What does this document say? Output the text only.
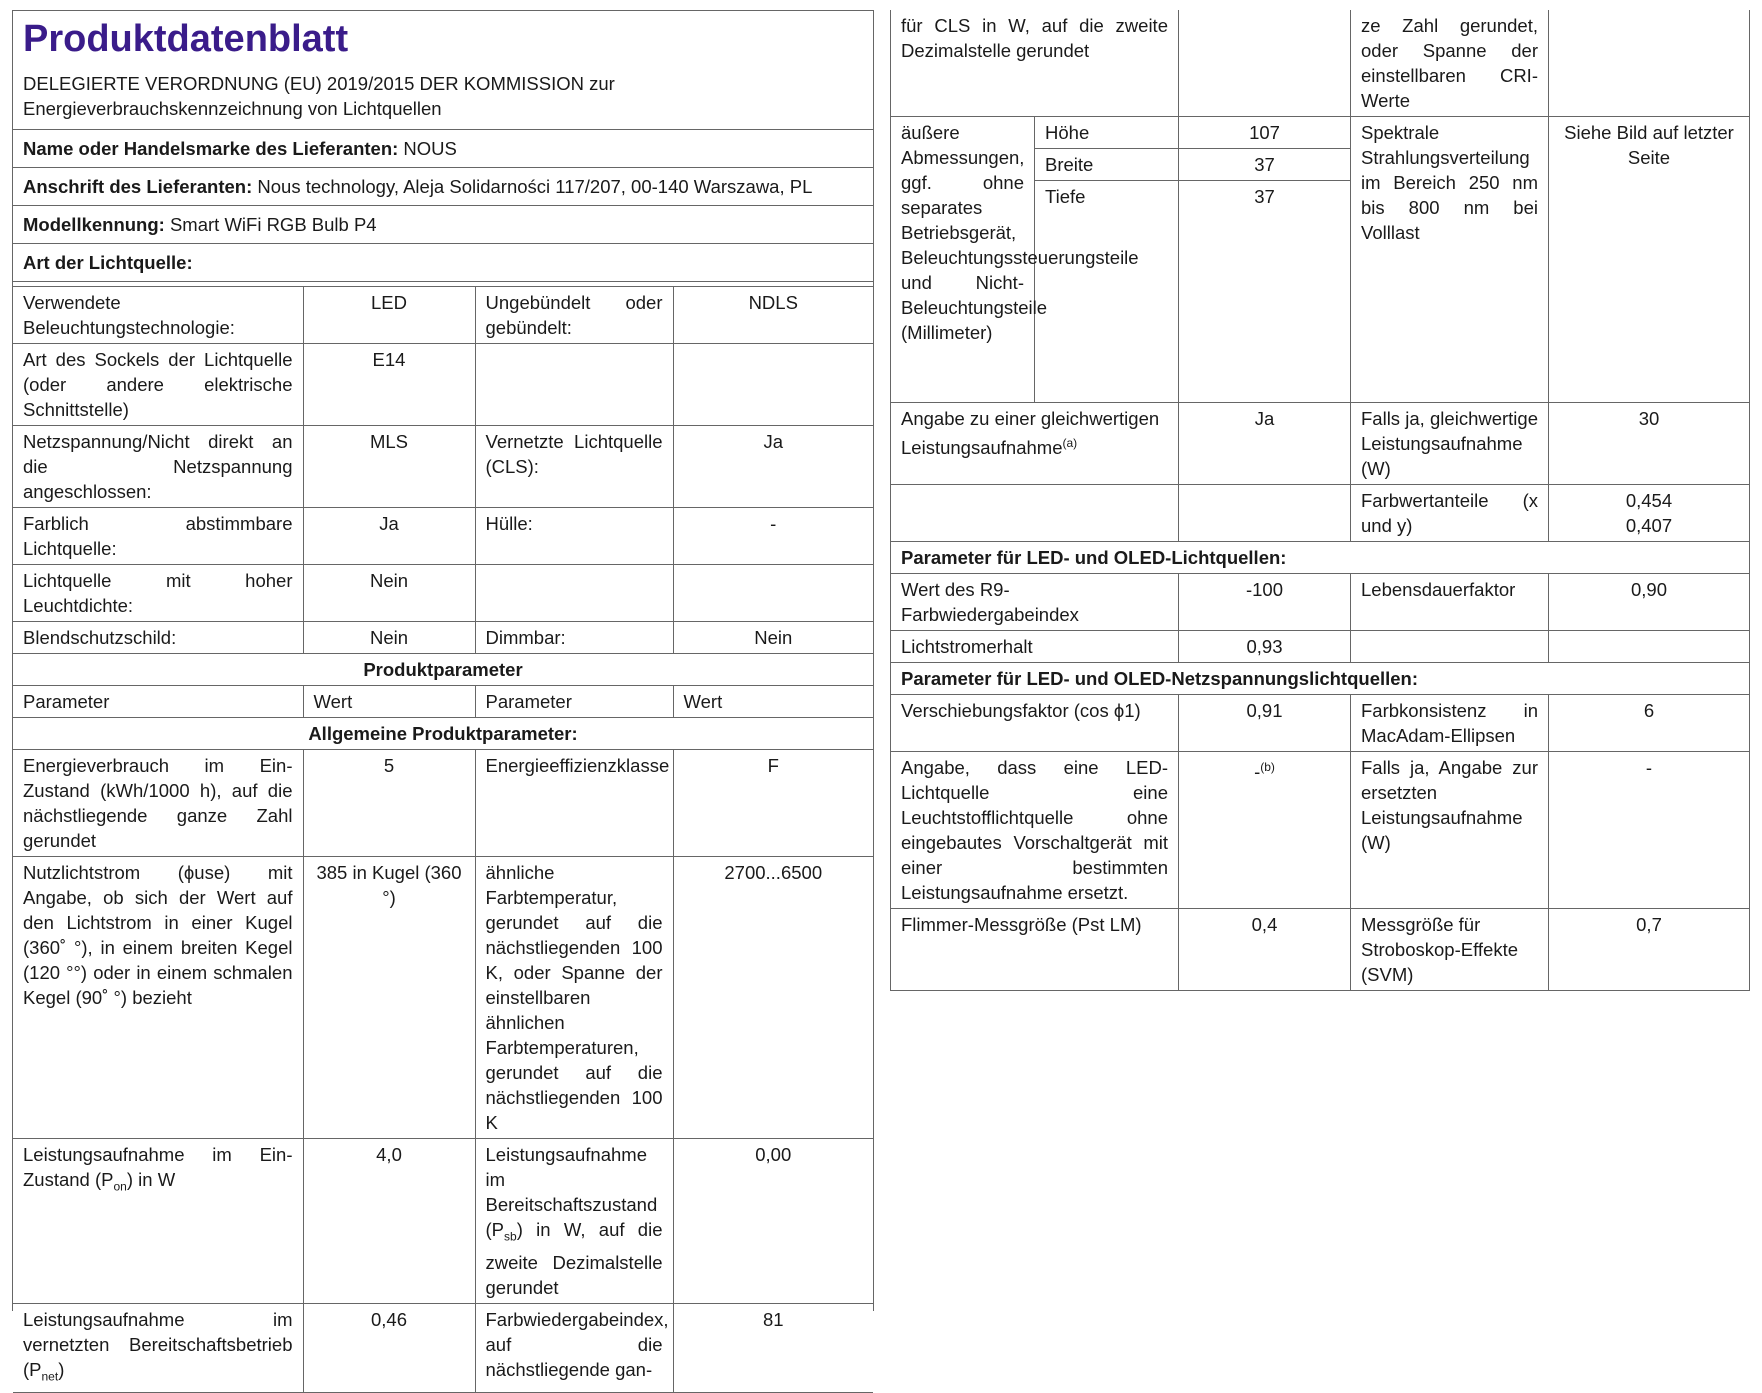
Produktdatenblatt
DELEGIERTE VERORDNUNG (EU) 2019/2015 DER KOMMISSION zur Energieverbrauchskennzeichnung von Lichtquellen
Name oder Handelsmarke des Lieferanten: NOUS
Anschrift des Lieferanten: Nous technology, Aleja Solidarności 117/207, 00-140 Warszawa, PL
Modellkennung: Smart WiFi RGB Bulb P4
Art der Lichtquelle:
Verwendete Beleuchtungstechnologie:	LED	Ungebündelt oder gebündelt:	NDLS
Art des Sockels der Lichtquelle (oder andere elektrische Schnittstelle)	E14		
Netzspannung/Nicht direkt an die Netzspannung angeschlossen:	MLS	Vernetzte Lichtquelle (CLS):	Ja
Farblich abstimmbare Lichtquelle:	Ja	Hülle:	-
Lichtquelle mit hoher Leuchtdichte:	Nein		
Blendschutzschild:	Nein	Dimmbar:	Nein
Produktparameter			
Parameter	Wert	Parameter	Wert
Allgemeine Produktparameter:			
Energieverbrauch im Ein-Zustand (kWh/1000 h), auf die nächstliegende ganze Zahl gerundet	5	Energieeffizienzklasse	F
Nutzlichtstrom (ϕuse) mit Angabe, ob sich der Wert auf den Lichtstrom in einer Kugel (360˚ °), in einem breiten Kegel (120 °°) oder in einem schmalen Kegel (90˚ °) bezieht	385 in Kugel (360 °)	ähnliche Farbtemperatur, gerundet auf die nächstliegenden 100 K, oder Spanne der einstellbaren ähnlichen Farbtemperaturen, gerundet auf die nächstliegenden 100 K	2700...6500
Leistungsaufnahme im Ein-Zustand $(P_{on})$ in W	4,0	Leistungsaufnahme im Bereitschaftszustand $(P_{sb})$ in W, auf die zweite Dezimalstelle gerundet	0,00
Leistungsaufnahme im vernetzten Bereitschaftsbetrieb $(P_{net})$	0,46	Farbwiedergabeindex, auf die nächstliegende gan-	81
für CLS in W, auf die zweite Dezimalstelle gerundet			ze Zahl gerundet, oder Spanne der einstellbaren CRI-Werte	
äußere Abmessungen, ggf. ohne separates Betriebsgerät, Beleuchtungssteuerungsteile und Nicht-Beleuchtungsteile (Millimeter)	Höhe	107	Spektrale Strahlungsverteilung im Bereich 250 nm bis 800 nm bei Volllast	Siehe Bild auf letzter Seite
	Breite	37		
	Tiefe	37		
Angabe zu einer gleichwertigen Leistungsaufnahme$^{(a)}$		Ja	Falls ja, gleichwertige Leistungsaufnahme (W)	30
			Farbwertanteile (x und y)	0,454
0,407

Parameter für LED- und OLED-Lichtquellen:				
Wert des R9-Farbwiedergabeindex		-100	Lebensdauerfaktor	0,90
Lichtstromerhalt		0,93		
Parameter für LED- und OLED-Netzspannungslichtquellen:				
Verschiebungsfaktor (cos ϕ1)		0,91	Farbkonsistenz in MacAdam-Ellipsen	6
Angabe, dass eine LED-Lichtquelle eine Leuchtstofflichtquelle ohne eingebautes Vorschaltgerät mit einer bestimmten Leistungsaufnahme ersetzt.		-$^{(b)}$	Falls ja, Angabe zur ersetzten Leistungsaufnahme (W)	-
Flimmer-Messgröße (Pst LM)		0,4	Messgröße für Stroboskop-Effekte (SVM)	0,7
